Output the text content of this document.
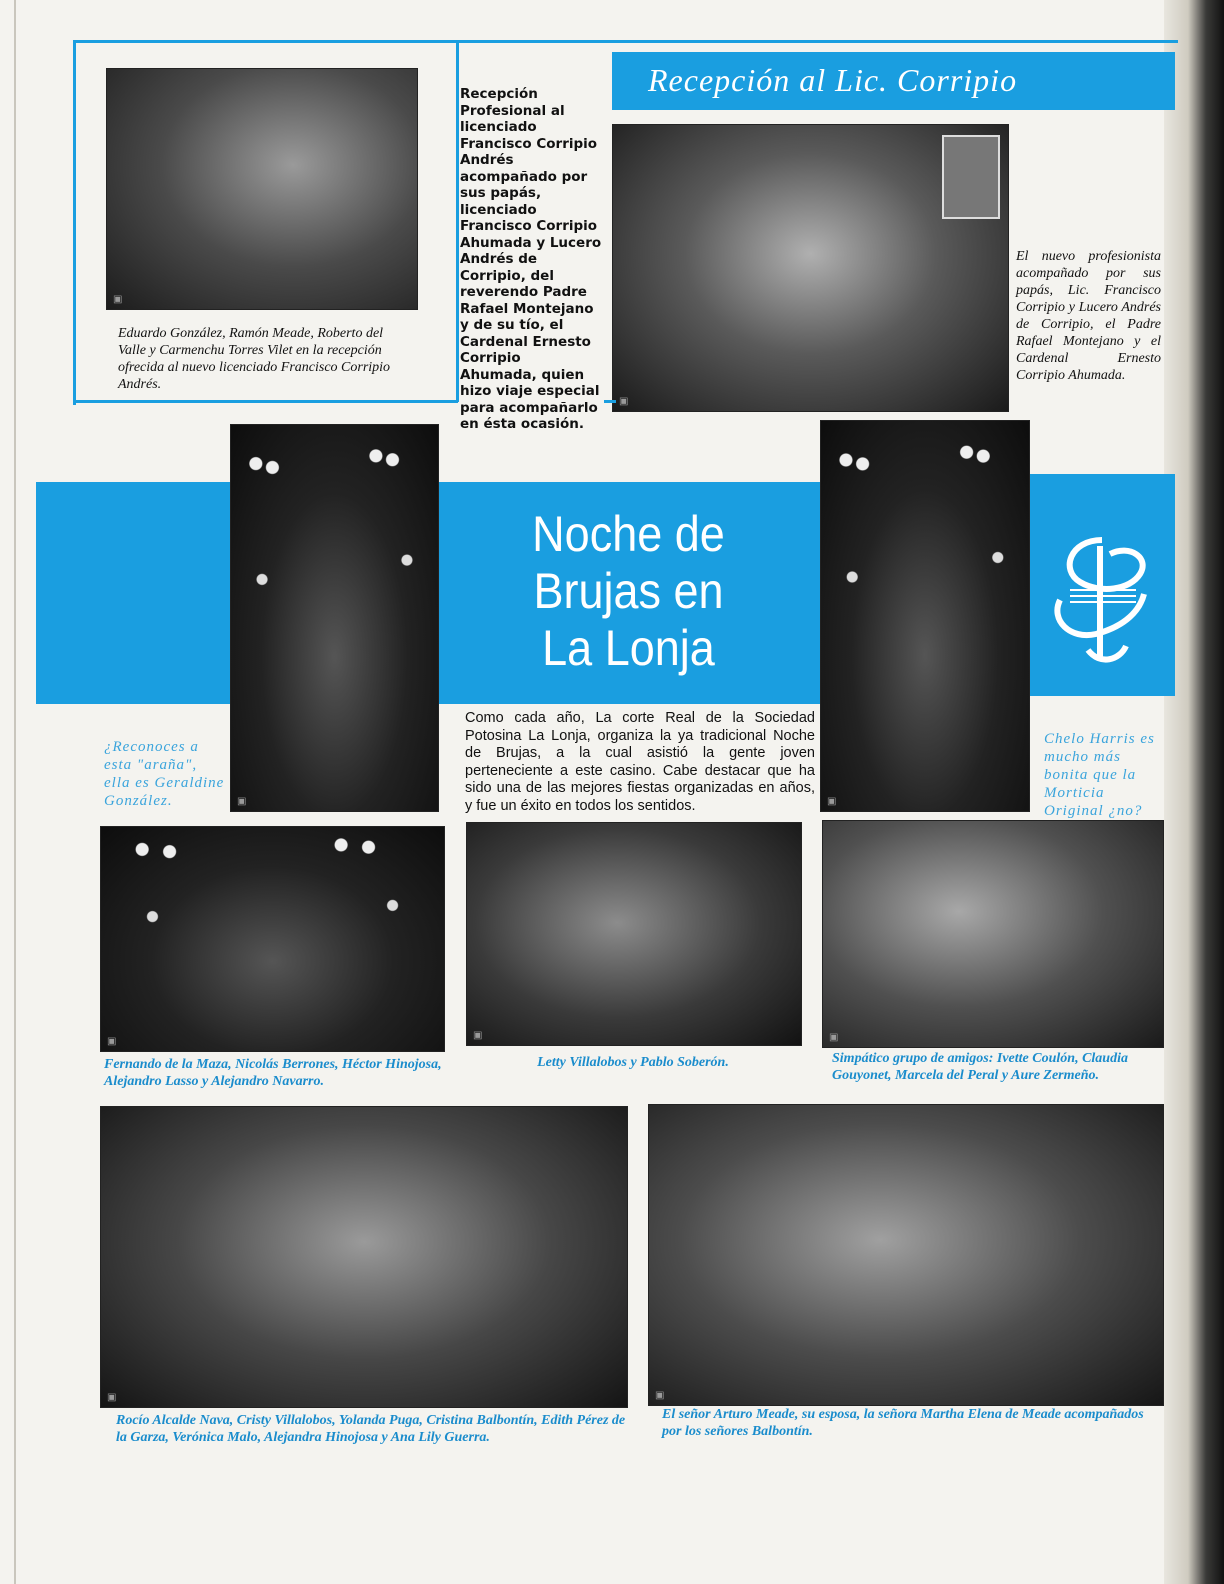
▣
Eduardo González, Ramón Meade, Roberto del Valle y Carmenchu Torres Vilet en la recepción ofrecida al nuevo licenciado Francisco Corripio Andrés.
Recepción Profesional al licenciado Francisco Corripio Andrés acompañado por sus papás, licenciado Francisco Corripio Ahumada y Lucero Andrés de Corripio, del reverendo Padre Rafael Montejano y de su tío, el Cardenal Ernesto Corripio Ahumada, quien hizo viaje especial para acompañarlo en ésta ocasión.
Recepción al Lic. Corripio
▣
El nuevo profesionista acompañado por sus papás, Lic. Francisco Corripio y Lucero Andrés de Corripio, el Padre Rafael Montejano y el Cardenal Ernesto Corripio Ahumada.
▣	▣
Noche de
Brujas en
La Lonja
Como cada año, La corte Real de la Sociedad Potosina La Lonja, organiza la ya tradicional Noche de Brujas, a la cual asistió la gente joven perteneciente a este casino. Cabe destacar que ha sido una de las mejores fiestas organizadas en años, y fue un éxito en todos los sentidos.
¿Reconoces a esta "araña", ella es Geraldine González.
Chelo Harris es mucho más bonita que la Morticia Original ¿no?
▣
▣	▣
Fernando de la Maza, Nicolás Berrones, Héctor Hinojosa, Alejandro Lasso y Alejandro Navarro.
Letty Villalobos y Pablo Soberón.	Simpático grupo de amigos: Ivette Coulón, Claudia Gouyonet, Marcela del Peral y Aure Zermeño.
▣	▣
Rocío Alcalde Nava, Cristy Villalobos, Yolanda Puga, Cristina Balbontín, Edith Pérez de la Garza, Verónica Malo, Alejandra Hinojosa y Ana Lily Guerra.
El señor Arturo Meade, su esposa, la señora Martha Elena de Meade acompañados por los señores Balbontín.
